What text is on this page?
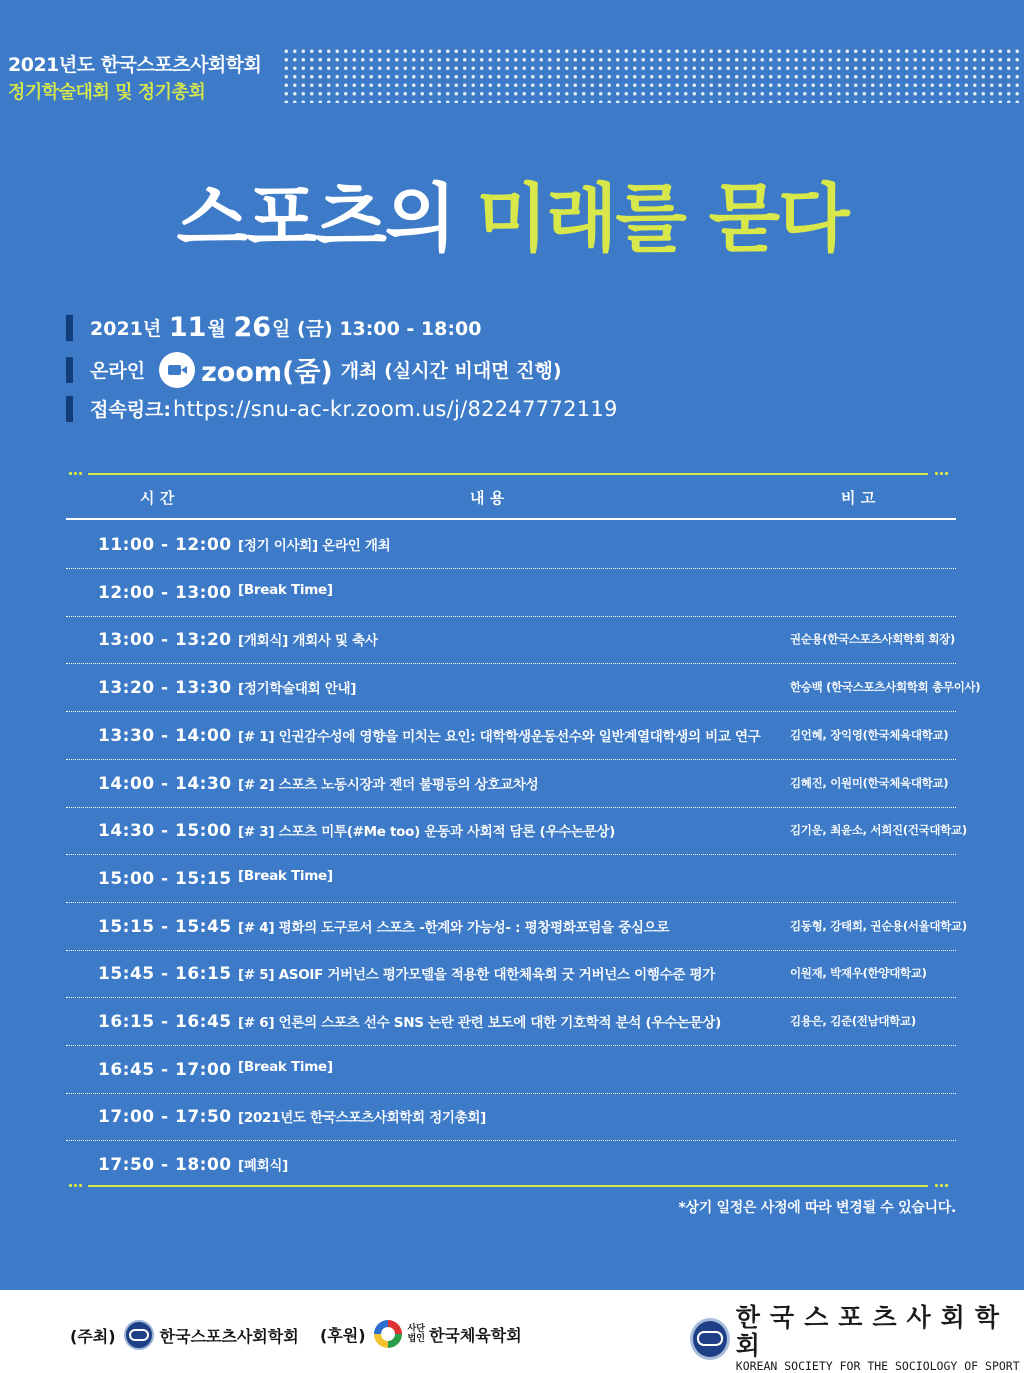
2021년도 한국스포츠사회학회
정기학술대회 및 정기총회
스포츠의 미래를 묻다
2021년
11 월
26 일
(금) 13:00 - 18:00
온라인 zoom(줌) 개최 (실시간 비대면 진행)
접속링크: https://snu-ac-kr.zoom.us/j/82247772119
시 간	내 용	비 고
11:00 - 12:00 [정기 이사회] 온라인 개최
12:00 - 13:00 [Break Time]
13:00 - 13:20 [개회식] 개회사 및 축사	권순용(한국스포츠사회학회 회장)
13:20 - 13:30 [정기학술대회 안내]	한승백 (한국스포츠사회학회 총무이사)
13:30 - 14:00 [# 1] 인권감수성에 영향을 미치는 요인: 대학학생운동선수와 일반계열대학생의 비교 연구	김언혜, 장익영(한국체육대학교)
14:00 - 14:30 [# 2] 스포츠 노동시장과 젠더 불평등의 상호교차성	김혜진, 이원미(한국체육대학교)
14:30 - 15:00 [# 3] 스포츠 미투(#Me too) 운동과 사회적 담론 (우수논문상)	김기운, 최윤소, 서희진(건국대학교)
15:00 - 15:15 [Break Time]
15:15 - 15:45 [# 4] 평화의 도구로서 스포츠 -한계와 가능성- : 평창평화포럼을 중심으로	김동형, 강태희, 권순용(서울대학교)
15:45 - 16:15 [# 5] ASOIF 거버넌스 평가모델을 적용한 대한체육회 굿 거버넌스 이행수준 평가	이원재, 박재우(한양대학교)
16:15 - 16:45 [# 6] 언론의 스포츠 선수 SNS 논란 관련 보도에 대한 기호학적 분석 (우수논문상)	김용은, 김준(전남대학교)
16:45 - 17:00 [Break Time]
17:00 - 17:50 [2021년도 한국스포츠사회학회 정기총회]
17:50 - 18:00 [폐회식]
*상기 일정은 사정에 따라 변경될 수 있습니다.
(주최)	한국스포츠사회학회 (후원)	사단
법인 한국체육학회
한국스포츠사회학회
KOREAN SOCIETY FOR THE SOCIOLOGY OF SPORT
